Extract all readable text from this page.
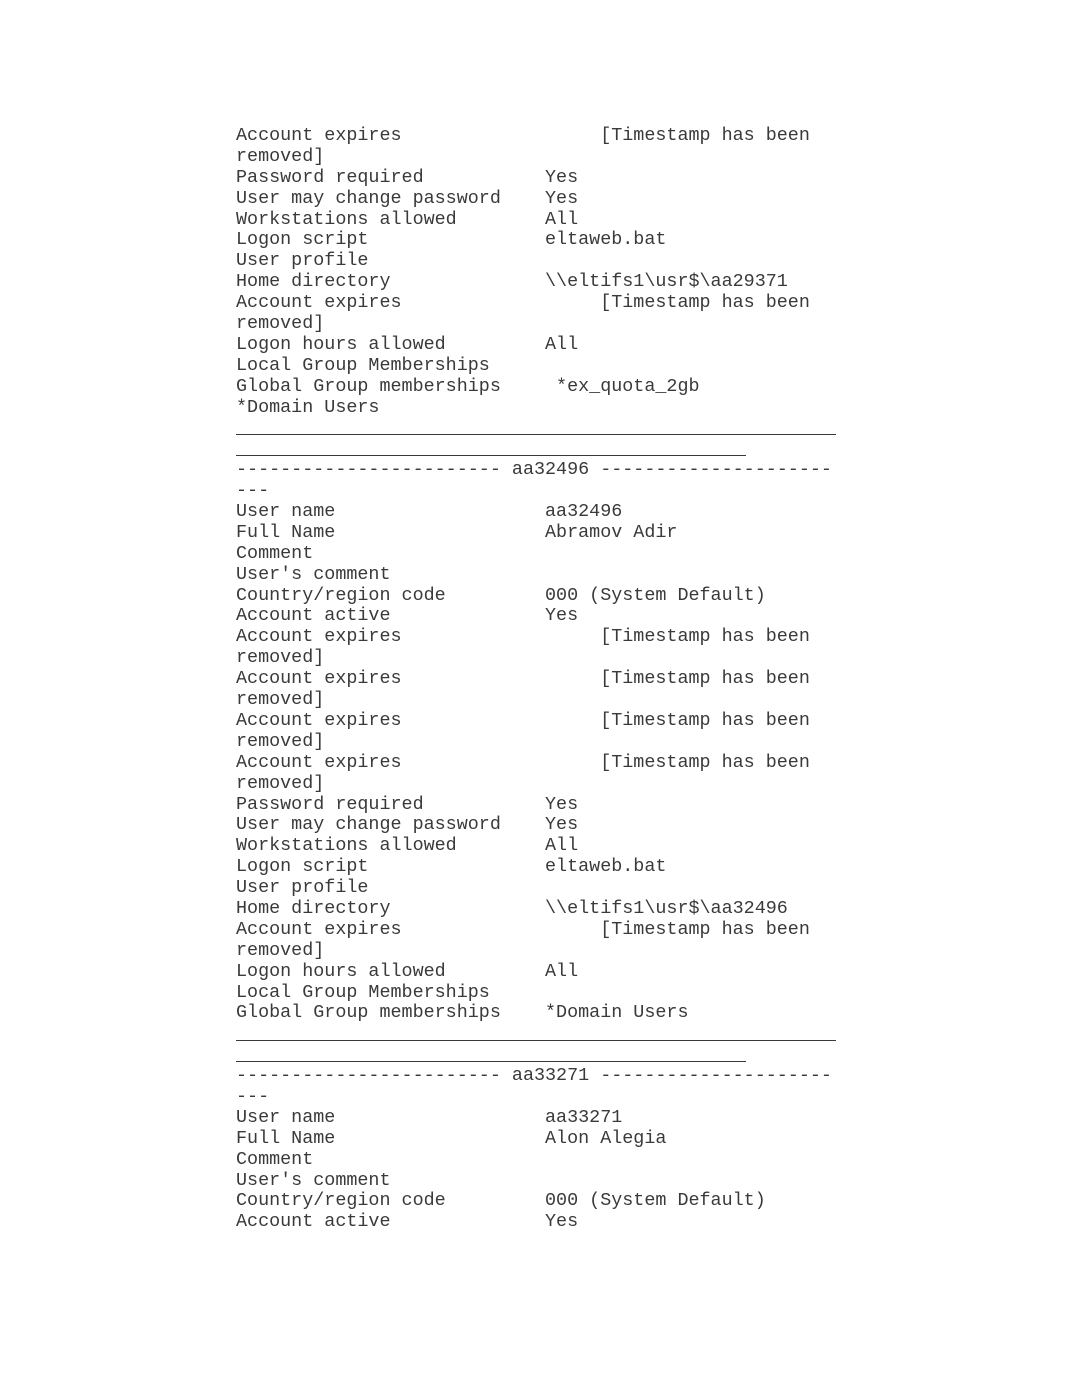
Account expires                  [Timestamp has been
removed]
Password required           Yes
User may change password    Yes
Workstations allowed        All
Logon script                eltaweb.bat
User profile
Home directory              \\eltifs1\usr$\aa29371
Account expires                  [Timestamp has been
removed]
Logon hours allowed         All
Local Group Memberships
Global Group memberships     *ex_quota_2gb
*Domain Users
------------------------ aa32496 ---------------------
---
User name                   aa32496
Full Name                   Abramov Adir
Comment
User's comment
Country/region code         000 (System Default)
Account active              Yes
Account expires                  [Timestamp has been
removed]
Account expires                  [Timestamp has been
removed]
Account expires                  [Timestamp has been
removed]
Account expires                  [Timestamp has been
removed]
Password required           Yes
User may change password    Yes
Workstations allowed        All
Logon script                eltaweb.bat
User profile
Home directory              \\eltifs1\usr$\aa32496
Account expires                  [Timestamp has been
removed]
Logon hours allowed         All
Local Group Memberships
Global Group memberships    *Domain Users
------------------------ aa33271 ---------------------
---
User name                   aa33271
Full Name                   Alon Alegia
Comment
User's comment
Country/region code         000 (System Default)
Account active              Yes
